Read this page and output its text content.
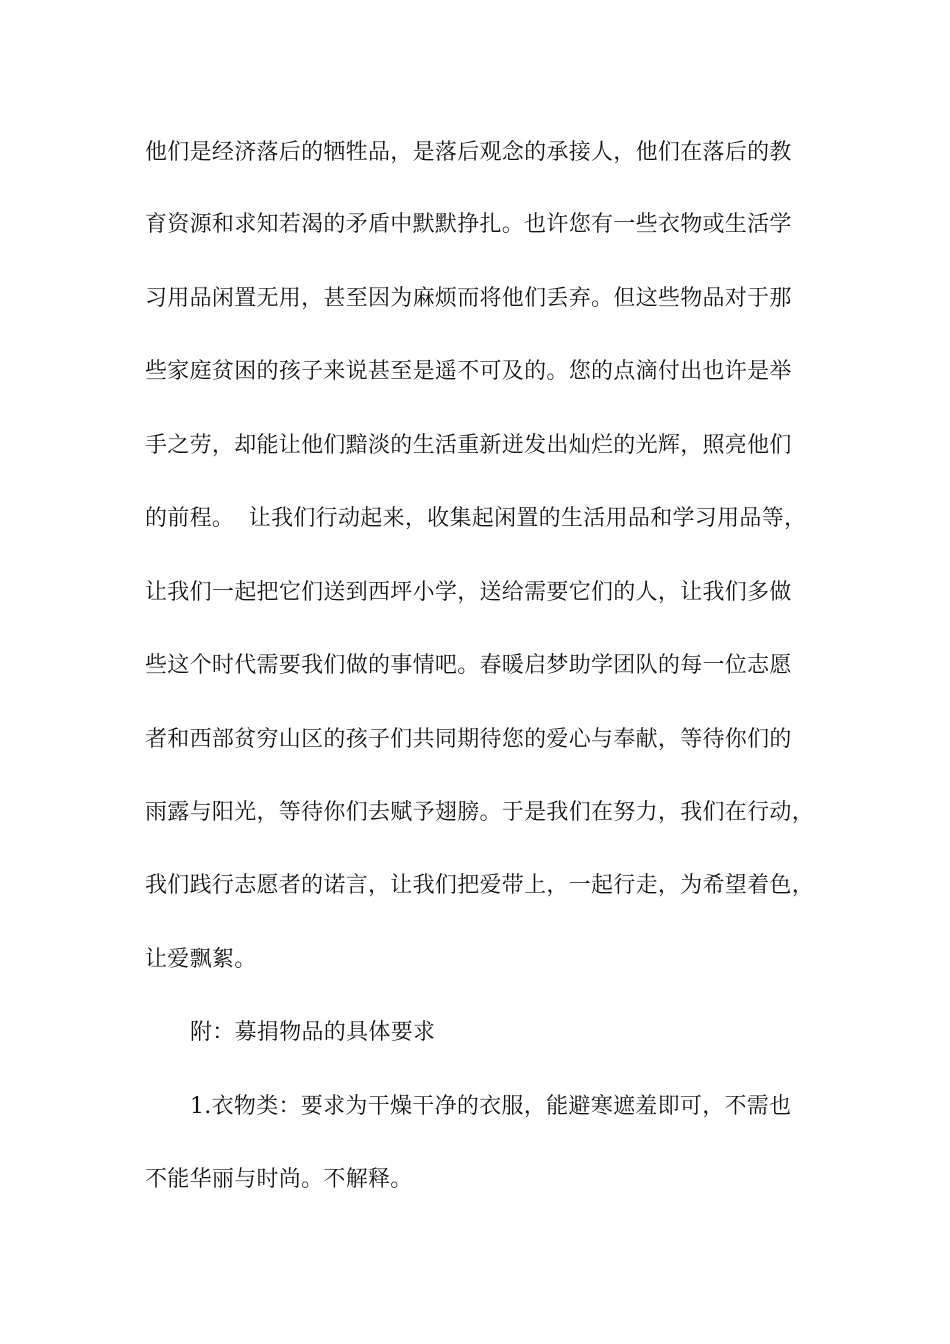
他们是经济落后的牺牲品，是落后观念的承接人，他们在落后的教
育资源和求知若渴的矛盾中默默挣扎。也许您有一些衣物或生活学
习用品闲置无用，甚至因为麻烦而将他们丢弃。但这些物品对于那
些家庭贫困的孩子来说甚至是遥不可及的。您的点滴付出也许是举
手之劳，却能让他们黯淡的生活重新迸发出灿烂的光辉，照亮他们
的前程。  让我们行动起来，收集起闲置的生活用品和学习用品等，
让我们一起把它们送到西坪小学，送给需要它们的人，让我们多做
些这个时代需要我们做的事情吧。春暖启梦助学团队的每一位志愿
者和西部贫穷山区的孩子们共同期待您的爱心与奉献，等待你们的
雨露与阳光，等待你们去赋予翅膀。于是我们在努力，我们在行动，
我们践行志愿者的诺言，让我们把爱带上，一起行走，为希望着色，
让爱飘絮。
附：募捐物品的具体要求
1.衣物类：要求为干燥干净的衣服，能避寒遮羞即可，不需也
不能华丽与时尚。不解释。
